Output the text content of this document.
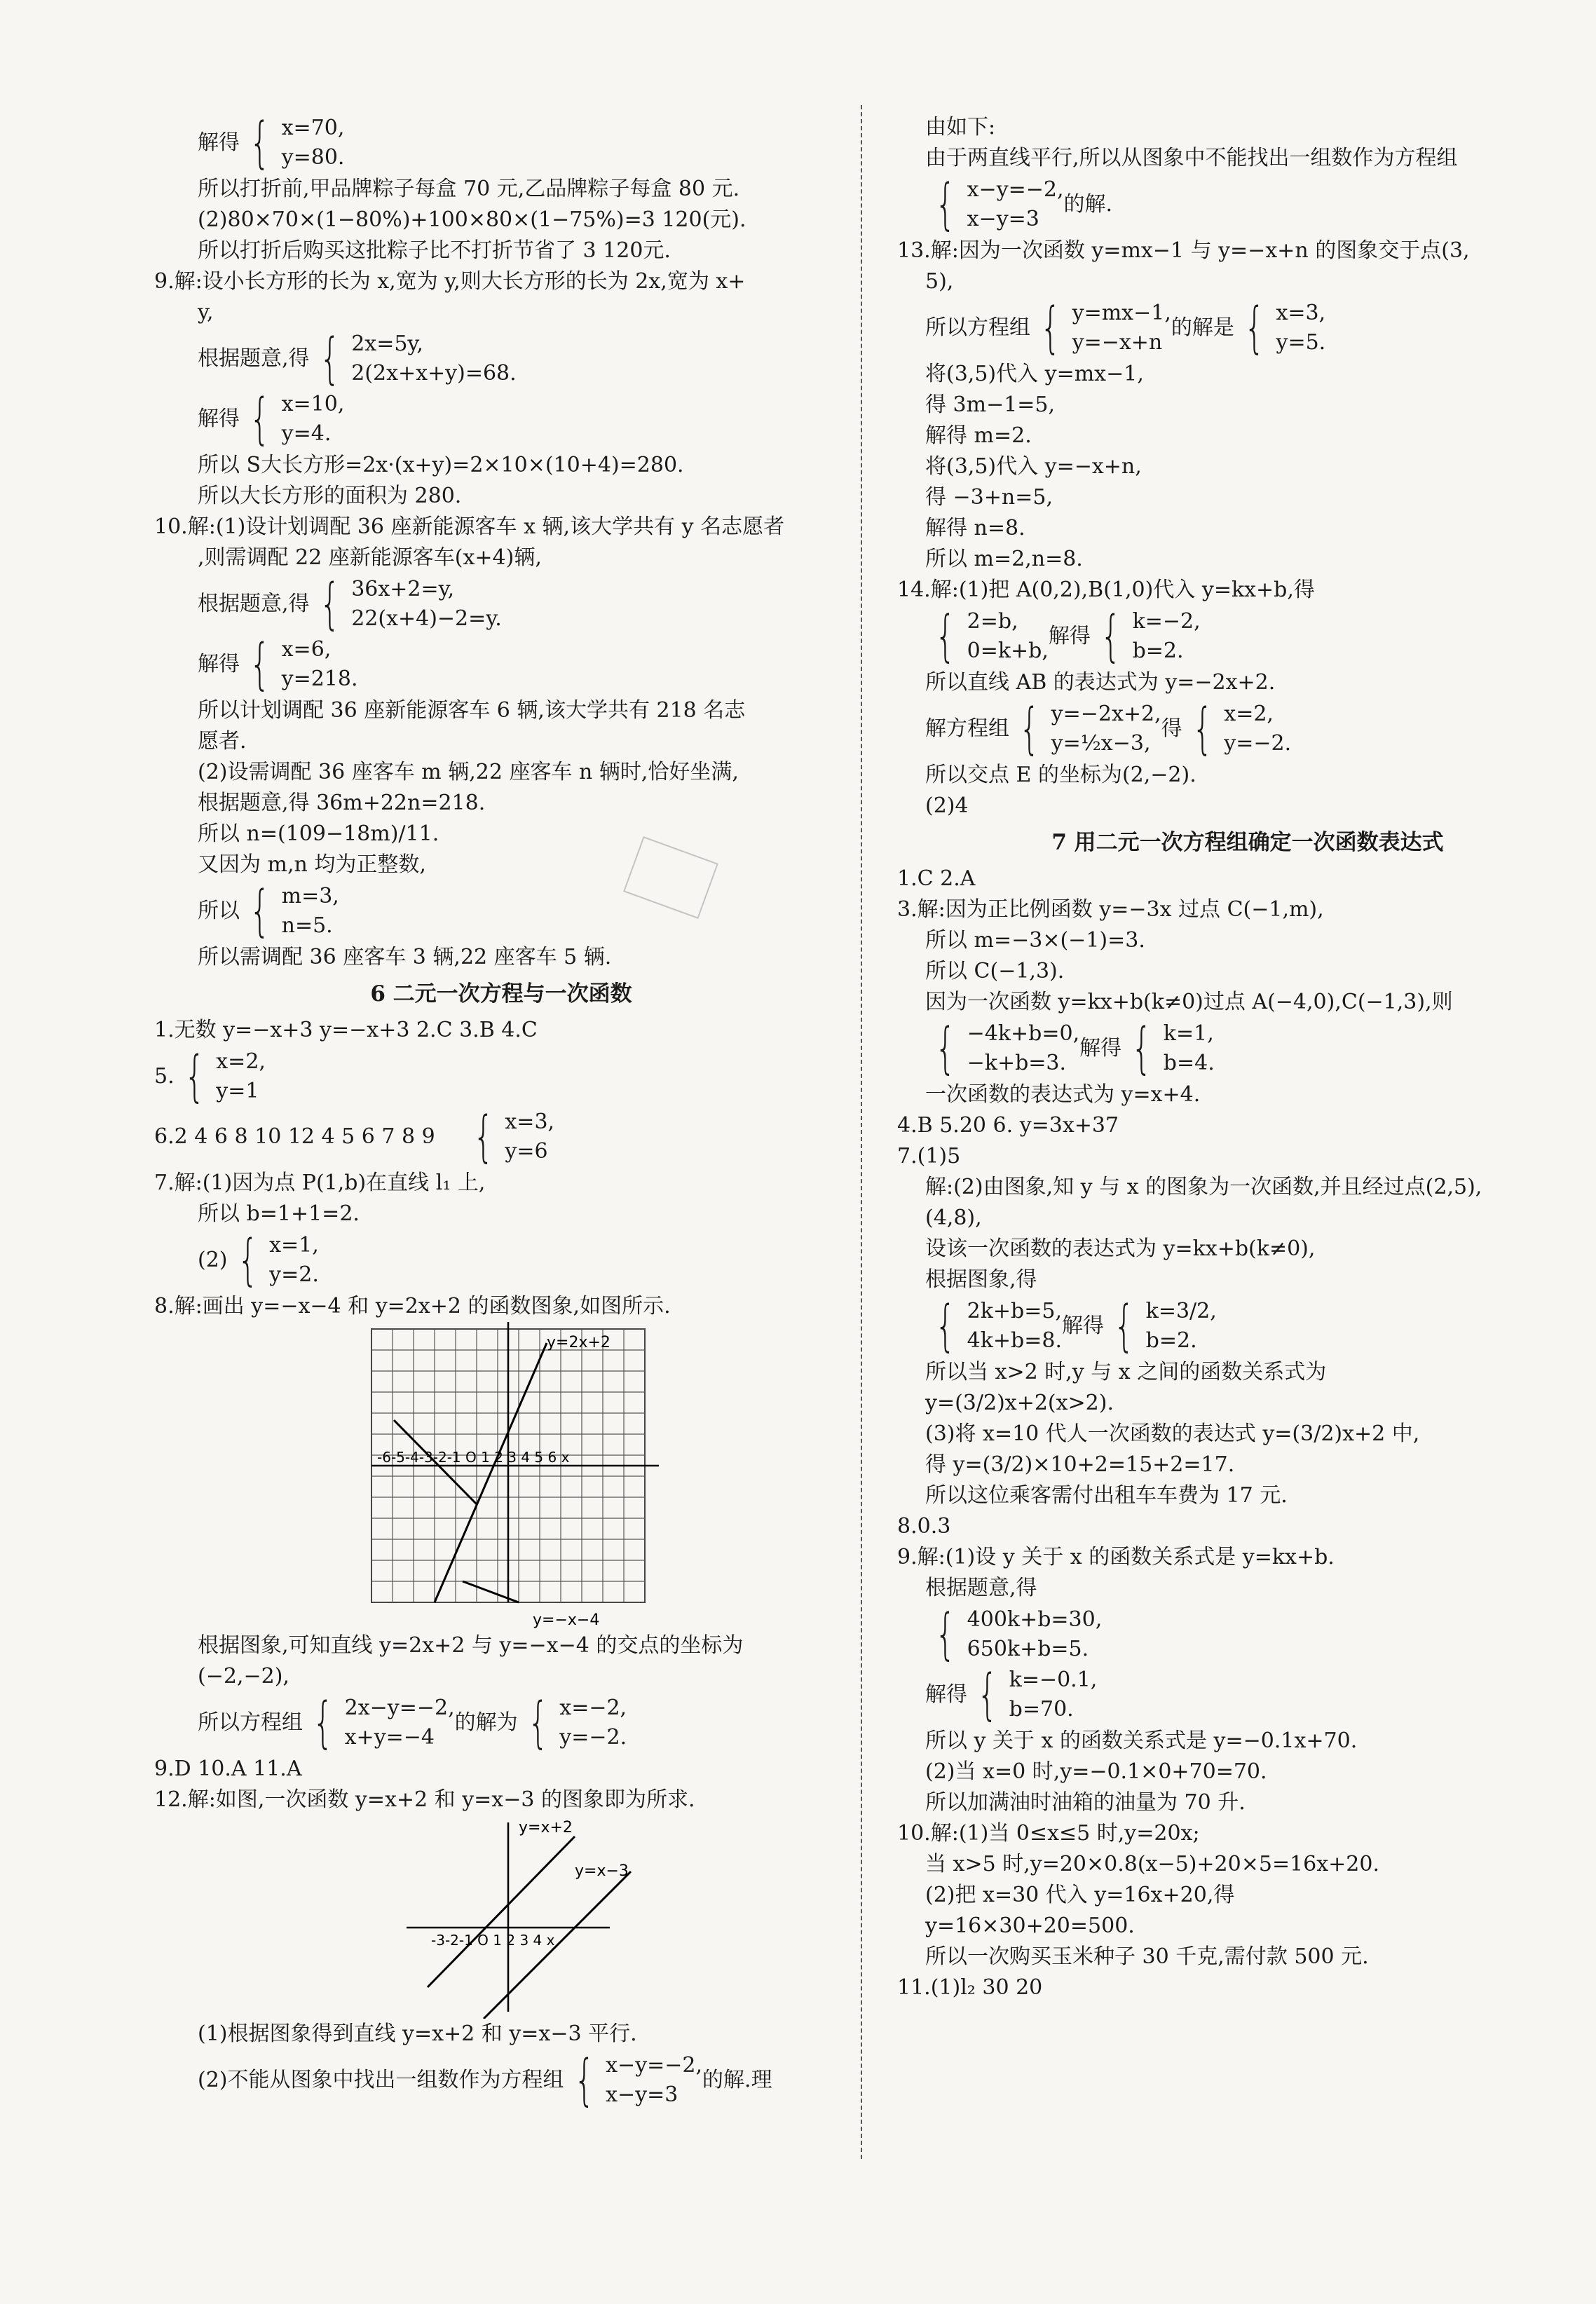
解得 { x=70,
y=80.

所以打折前,甲品牌粽子每盒 70 元,乙品牌粽子每盒 80 元.

(2)80×70×(1−80%)+100×80×(1−75%)=3 120(元).

所以打折后购买这批粽子比不打折节省了 3 120元.

9.解:设小长方形的长为 x,宽为 y,则大长方形的长为 2x,宽为 x+

y,

根据题意,得 { 2x=5y,
2(2x+x+y)=68.
解得 { x=10,
y=4.

所以 S大长方形=2x·(x+y)=2×10×(10+4)=280.

所以大长方形的面积为 280.

10.解:(1)设计划调配 36 座新能源客车 x 辆,该大学共有 y 名志愿者

,则需调配 22 座新能源客车(x+4)辆,

根据题意,得 { 36x+2=y,
22(x+4)−2=y.
解得 { x=6,
y=218.

所以计划调配 36 座新能源客车 6 辆,该大学共有 218 名志

愿者.

(2)设需调配 36 座客车 m 辆,22 座客车 n 辆时,恰好坐满,

根据题意,得 36m+22n=218.

所以 n=(109−18m)/11.

又因为 m,n 均为正整数,

所以 { m=3,
n=5.

所以需调配 36 座客车 3 辆,22 座客车 5 辆.

6 二元一次方程与一次函数

1.无数 y=−x+3 y=−x+3 2.C 3.B 4.C

5. { x=2,
y=1
6.2 4 6 8 10 12 4 5 6 7 8 9 { x=3,
y=6

7.解:(1)因为点 P(1,b)在直线 l₁ 上,

所以 b=1+1=2.

(2) { x=1,
y=2.

8.解:画出 y=−x−4 和 y=2x+2 的函数图象,如图所示.

y=2x+2
y=−x−4
-6-5-4-3-2-1 O 1 2 3 4 5 6 x

根据图象,可知直线 y=2x+2 与 y=−x−4 的交点的坐标为

(−2,−2),

所以方程组 { 2x−y=−2,
x+y=−4
的解为 { x=−2,
y=−2.

9.D 10.A 11.A

12.解:如图,一次函数 y=x+2 和 y=x−3 的图象即为所求.

y=x+2
y=x−3
-3-2-1 O 1 2 3 4 x

(1)根据图象得到直线 y=x+2 和 y=x−3 平行.

(2)不能从图象中找出一组数作为方程组 { x−y=−2,
x−y=3
的解.理

由如下:

由于两直线平行,所以从图象中不能找出一组数作为方程组

{ x−y=−2,
x−y=3
的解.

13.解:因为一次函数 y=mx−1 与 y=−x+n 的图象交于点(3,

5),

所以方程组 { y=mx−1,
y=−x+n
的解是 { x=3,
y=5.

将(3,5)代入 y=mx−1,

得 3m−1=5,

解得 m=2.

将(3,5)代入 y=−x+n,

得 −3+n=5,

解得 n=8.

所以 m=2,n=8.

14.解:(1)把 A(0,2),B(1,0)代入 y=kx+b,得

{ 2=b,
0=k+b,
解得 { k=−2,
b=2.

所以直线 AB 的表达式为 y=−2x+2.

解方程组 { y=−2x+2,
y=½x−3,
得 { x=2,
y=−2.

所以交点 E 的坐标为(2,−2).

(2)4

7 用二元一次方程组确定一次函数表达式

1.C 2.A

3.解:因为正比例函数 y=−3x 过点 C(−1,m),

所以 m=−3×(−1)=3.

所以 C(−1,3).

因为一次函数 y=kx+b(k≠0)过点 A(−4,0),C(−1,3),则

{ −4k+b=0,
−k+b=3.
解得 { k=1,
b=4.

一次函数的表达式为 y=x+4.

4.B 5.20 6. y=3x+37

7.(1)5

解:(2)由图象,知 y 与 x 的图象为一次函数,并且经过点(2,5),

(4,8),

设该一次函数的表达式为 y=kx+b(k≠0),

根据图象,得

{ 2k+b=5,
4k+b=8.
解得 { k=3/2,
b=2.

所以当 x>2 时,y 与 x 之间的函数关系式为

y=(3/2)x+2(x>2).

(3)将 x=10 代人一次函数的表达式 y=(3/2)x+2 中,

得 y=(3/2)×10+2=15+2=17.

所以这位乘客需付出租车车费为 17 元.

8.0.3

9.解:(1)设 y 关于 x 的函数关系式是 y=kx+b.

根据题意,得

{ 400k+b=30,
650k+b=5.
解得 { k=−0.1,
b=70.

所以 y 关于 x 的函数关系式是 y=−0.1x+70.

(2)当 x=0 时,y=−0.1×0+70=70.

所以加满油时油箱的油量为 70 升.

10.解:(1)当 0≤x≤5 时,y=20x;

当 x>5 时,y=20×0.8(x−5)+20×5=16x+20.

(2)把 x=30 代入 y=16x+20,得

y=16×30+20=500.

所以一次购买玉米种子 30 千克,需付款 500 元.

11.(1)l₂ 30 20
